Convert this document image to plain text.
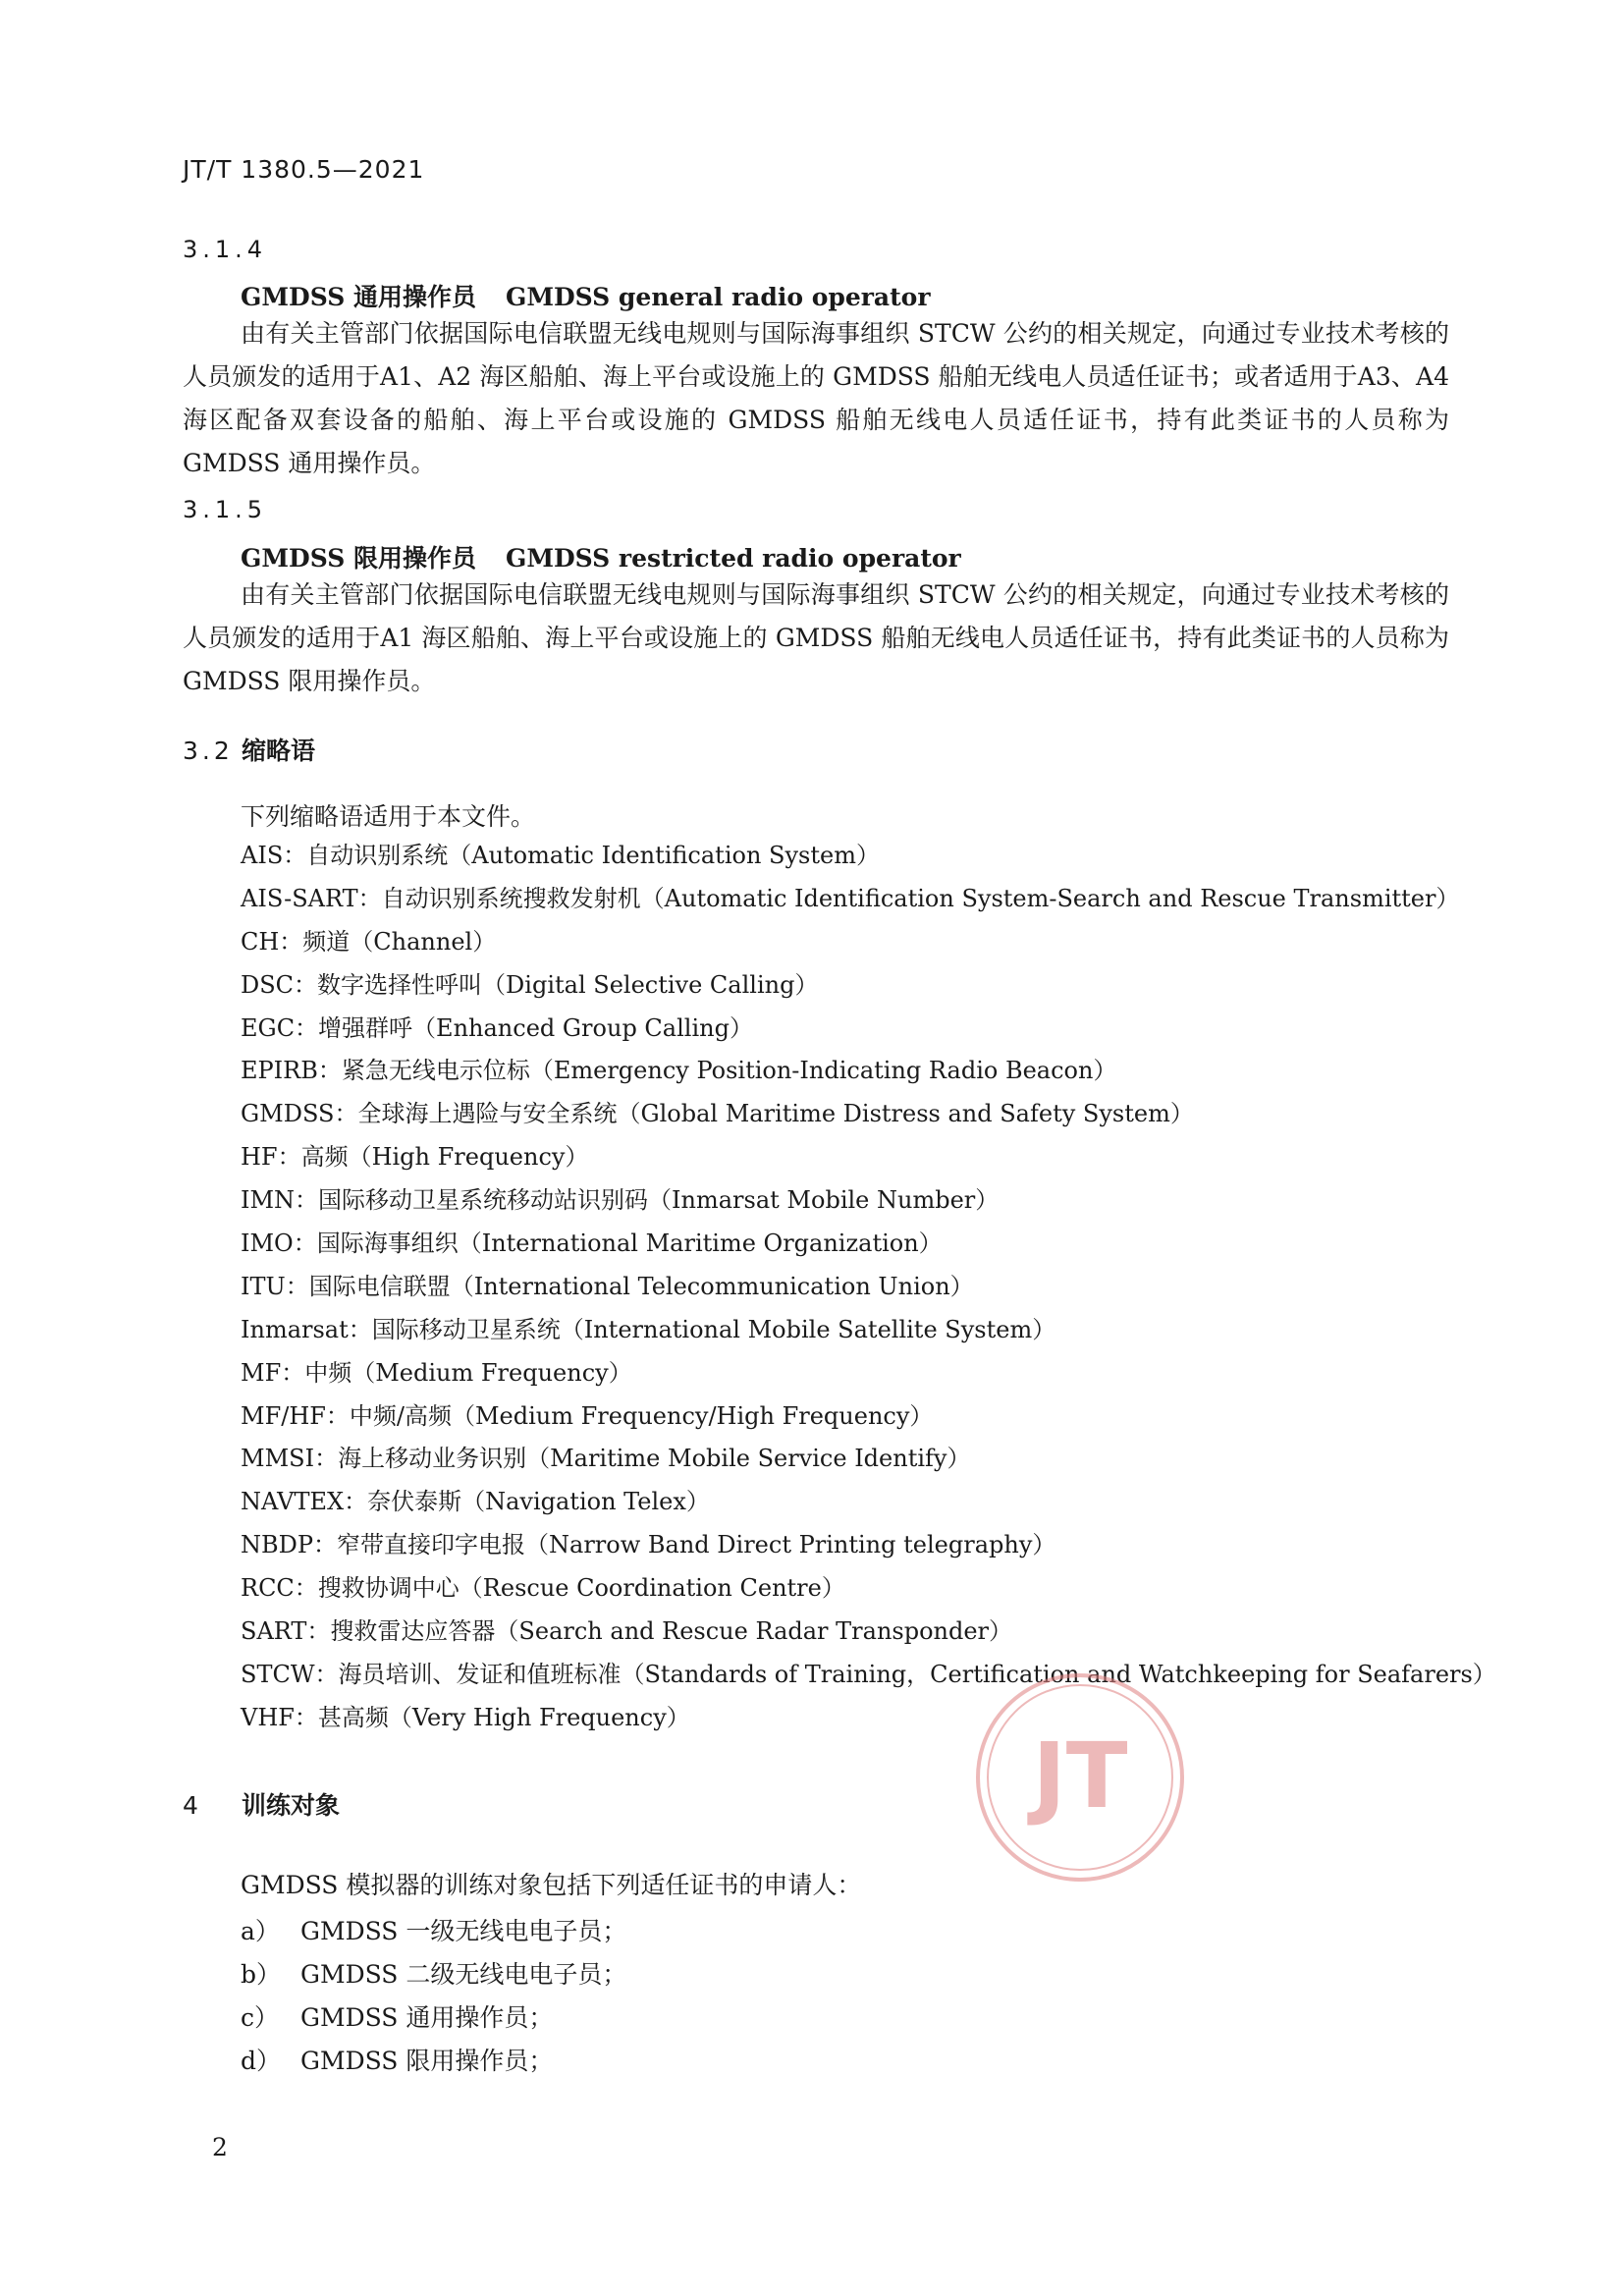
JT/T 1380.5—2021
3.1.4
GMDSS 通用操作员 GMDSS general radio operator
由有关主管部门依据国际电信联盟无线电规则与国际海事组织 STCW 公约的相关规定，向通过专业技术考核的人员颁发的适用于A1、A2 海区船舶、海上平台或设施上的 GMDSS 船舶无线电人员适任证书；或者适用于A3、A4 海区配备双套设备的船舶、海上平台或设施的 GMDSS 船舶无线电人员适任证书，持有此类证书的人员称为 GMDSS 通用操作员。
3.1.5
GMDSS 限用操作员 GMDSS restricted radio operator
由有关主管部门依据国际电信联盟无线电规则与国际海事组织 STCW 公约的相关规定，向通过专业技术考核的人员颁发的适用于A1 海区船舶、海上平台或设施上的 GMDSS 船舶无线电人员适任证书，持有此类证书的人员称为 GMDSS 限用操作员。
3.2 缩略语
下列缩略语适用于本文件。
AIS：自动识别系统（Automatic Identification System）
AIS-SART：自动识别系统搜救发射机（Automatic Identification System-Search and Rescue Transmitter）
CH：频道（Channel）
DSC：数字选择性呼叫（Digital Selective Calling）
EGC：增强群呼（Enhanced Group Calling）
EPIRB：紧急无线电示位标（Emergency Position-Indicating Radio Beacon）
GMDSS：全球海上遇险与安全系统（Global Maritime Distress and Safety System）
HF：高频（High Frequency）
IMN：国际移动卫星系统移动站识别码（Inmarsat Mobile Number）
IMO：国际海事组织（International Maritime Organization）
ITU：国际电信联盟（International Telecommunication Union）
Inmarsat：国际移动卫星系统（International Mobile Satellite System）
MF：中频（Medium Frequency）
MF/HF：中频/高频（Medium Frequency/High Frequency）
MMSI：海上移动业务识别（Maritime Mobile Service Identify）
NAVTEX：奈伏泰斯（Navigation Telex）
NBDP：窄带直接印字电报（Narrow Band Direct Printing telegraphy）
RCC：搜救协调中心（Rescue Coordination Centre）
SART：搜救雷达应答器（Search and Rescue Radar Transponder）
STCW：海员培训、发证和值班标准（Standards of Training，Certification and Watchkeeping for Seafarers）
VHF：甚高频（Very High Frequency）
4 训练对象
GMDSS 模拟器的训练对象包括下列适任证书的申请人：
a） GMDSS 一级无线电电子员；
b） GMDSS 二级无线电电子员；
c） GMDSS 通用操作员；
d） GMDSS 限用操作员；
2
JT
